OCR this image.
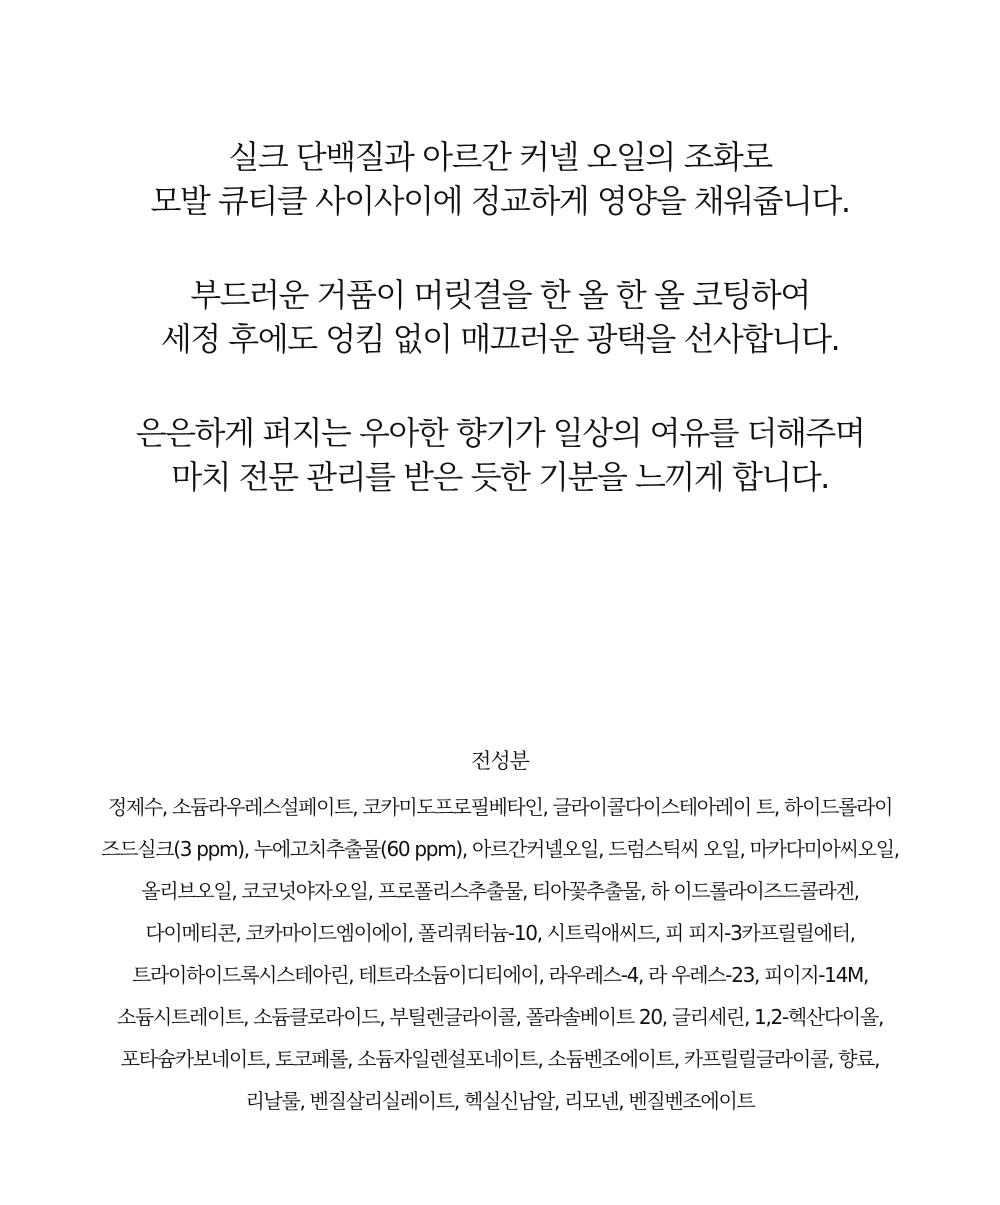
실크 단백질과 아르간 커넬 오일의 조화로
모발 큐티클 사이사이에 정교하게 영양을 채워줍니다.

부드러운 거품이 머릿결을 한 올 한 올 코팅하여
세정 후에도 엉킴 없이 매끄러운 광택을 선사합니다.

은은하게 퍼지는 우아한 향기가 일상의 여유를 더해주며
마치 전문 관리를 받은 듯한 기분을 느끼게 합니다.

전성분
정제수, 소듐라우레스설페이트, 코카미도프로필베타인, 글라이콜다이스테아레이 트, 하이드롤라이
즈드실크(3 ppm), 누에고치추출물(60 ppm), 아르간커넬오일, 드럼스틱씨 오일, 마카다미아씨오일,
올리브오일, 코코넛야자오일, 프로폴리스추출물, 티아꽃추출물, 하 이드롤라이즈드콜라겐,
다이메티콘, 코카마이드엠이에이, 폴리쿼터늄-10, 시트릭애씨드, 피 피지-3카프릴릴에터,
트라이하이드록시스테아린, 테트라소듐이디티에이, 라우레스-4, 라 우레스-23, 피이지-14M,
소듐시트레이트, 소듐클로라이드, 부틸렌글라이콜, 폴라솔베이트 20, 글리세린, 1,2-헥산다이올,
포타슘카보네이트, 토코페롤, 소듐자일렌설포네이트, 소듐벤조에이트, 카프릴릴글라이콜, 향료,
리날룰, 벤질살리실레이트, 헥실신남알, 리모넨, 벤질벤조에이트
